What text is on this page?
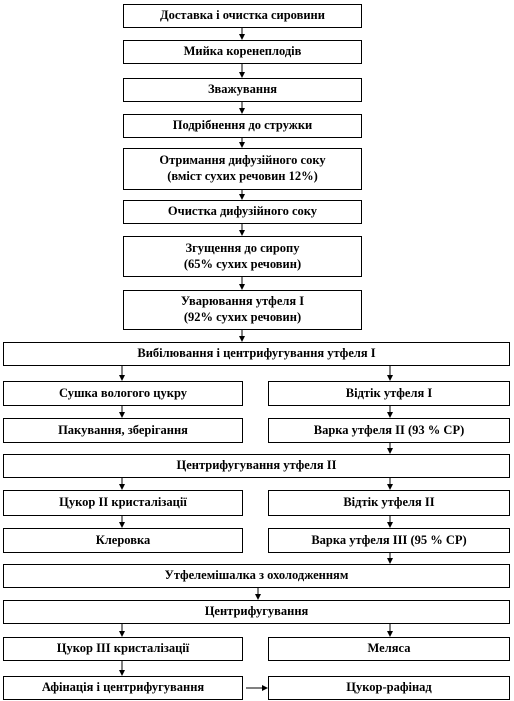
Доставка і очистка сировини
Мийка коренеплодів
Зважування
Подрібнення до стружки
Отримання дифузійного соку
(вміст сухих речовин 12%)
Очистка дифузійного соку
Згущення до сиропу
(65% сухих речовин)
Уварювання утфеля І
(92% сухих речовин)
Вибілювання і центрифугування утфеля І
Сушка вологого цукру	Відтік утфеля І
Пакування, зберігання	Варка утфеля ІІ (93 % СР)
Центрифугування утфеля ІІ
Цукор ІІ кристалізації	Відтік утфеля ІІ
Клеровка	Варка утфеля ІІІ (95 % СР)
Утфелемішалка з охолодженням
Центрифугування
Цукор ІІІ кристалізації	Меляса
Афінація і центрифугування	Цукор-рафінад
